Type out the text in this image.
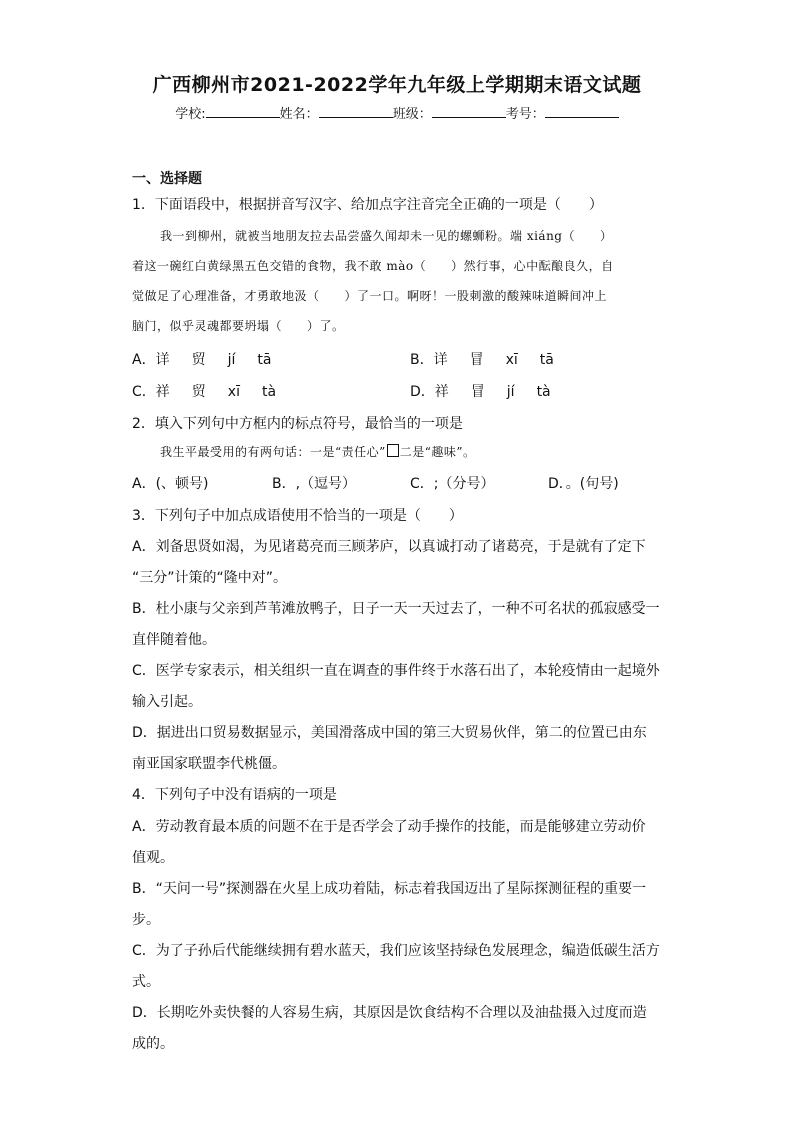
广西柳州市2021-2022学年九年级上学期期末语文试题
学校:	姓名：	班级：	考号：
一、选择题
1．下面语段中，根据拼音写汉字、给加点字注音完全正确的一项是（　　）
我一到柳州，就被当地朋友拉去品尝盛久闻却未一见的螺蛳粉。端 xiáng（　　）
着这一碗红白黄绿黑五色交错的食物，我不敢 mào（　　）然行事，心中酝酿良久，自
觉做足了心理准备，才勇敢地汲（　　）了一口。啊呀！一股刺激的酸辣味道瞬间冲上
脑门，似乎灵魂都要坍塌（　　）了。
A．详 贸 jí tā	B．详 冒 xī tā
C．祥 贸 xī tà	D．祥 冒 jí tà
2．填入下列句中方框内的标点符号，最恰当的一项是
我生平最受用的有两句话：一是“责任心” 二是“趣味”。
A．(、顿号)	B．,（逗号）	C．;（分号）	D．。(句号)
3．下列句子中加点成语使用不恰当的一项是（　　）
A．刘备思贤如渴，为见诸葛亮而三顾茅庐，以真诚打动了诸葛亮，于是就有了定下
“三分”计策的“隆中对”。
B．杜小康与父亲到芦苇滩放鸭子，日子一天一天过去了，一种不可名状的孤寂感受一
直伴随着他。
C．医学专家表示，相关组织一直在调查的事件终于水落石出了，本轮疫情由一起境外
输入引起。
D．据进出口贸易数据显示，美国滑落成中国的第三大贸易伙伴，第二的位置已由东
南亚国家联盟李代桃僵。
4．下列句子中没有语病的一项是
A．劳动教育最本质的问题不在于是否学会了动手操作的技能，而是能够建立劳动价
值观。
B．“天问一号”探测器在火星上成功着陆，标志着我国迈出了星际探测征程的重要一
步。
C．为了子孙后代能继续拥有碧水蓝天，我们应该坚持绿色发展理念，编造低碳生活方
式。
D．长期吃外卖快餐的人容易生病，其原因是饮食结构不合理以及油盐摄入过度而造
成的。
